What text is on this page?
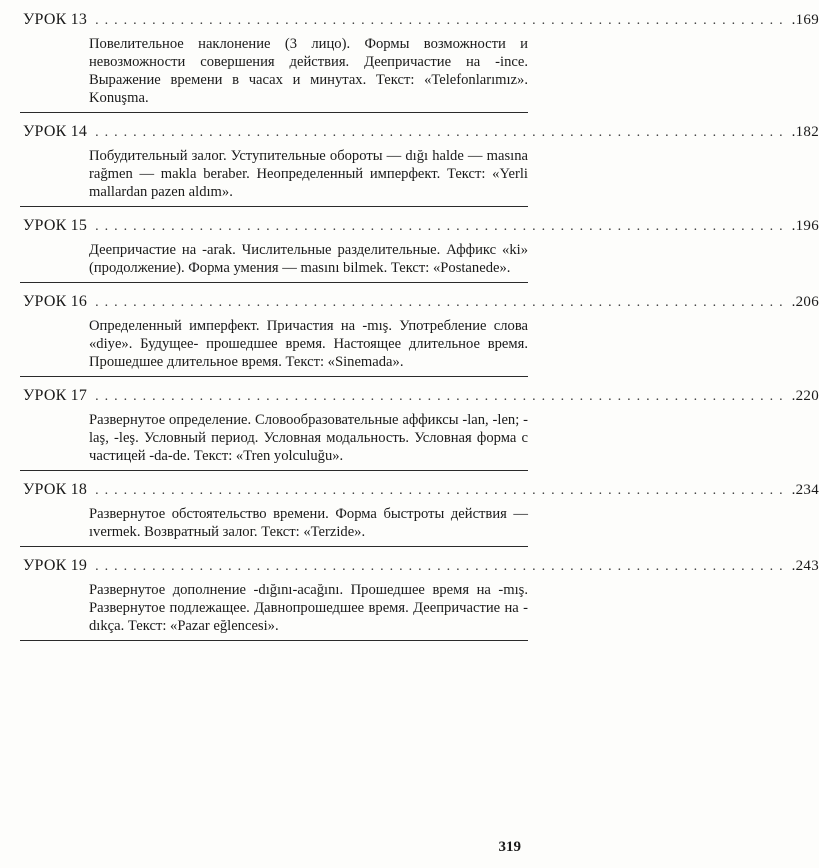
УРОК 13 ......................................................................... .169

Повелительное наклонение (3 лицо). Формы возможности и невозможности совершения действия. Деепричастие на -ince. Выражение времени в часах и минутах. Текст: «Telefonlarımız». Konuşma.

УРОК 14 ......................................................................... .182

Побудительный залог. Уступительные обороты — dığı halde — masına rağmen — makla beraber. Неопределенный имперфект. Текст: «Yerli mallardan pazen aldım».

УРОК 15 ......................................................................... .196

Деепричастие на -arak. Числительные разделительные. Аффикс «ki» (продолжение). Форма умения — masını bilmek. Текст: «Postanede».

УРОК 16 ......................................................................... .206

Определенный имперфект. Причастия на -mış. Употребление слова «diye». Будущее- прошедшее время. Настоящее длительное время. Прошедшее длительное время. Текст: «Sinemada».

УРОК 17 ......................................................................... .220

Развернутое определение. Словообразовательные аффиксы -lan, -len; -laş, -leş. Условный период. Условная модальность. Условная форма с частицей -da-de. Текст: «Tren yolculuğu».

УРОК 18 ......................................................................... .234

Развернутое обстоятельство времени. Форма быстроты действия — ıvermek. Возвратный залог. Текст: «Terzide».

УРОК 19 ......................................................................... .243

Развернутое дополнение -dığını-acağını. Прошедшее время на -mış. Развернутое подлежащее. Давнопрошедшее время. Деепричастие на -dıkça. Текст: «Pazar eğlencesi».

319
